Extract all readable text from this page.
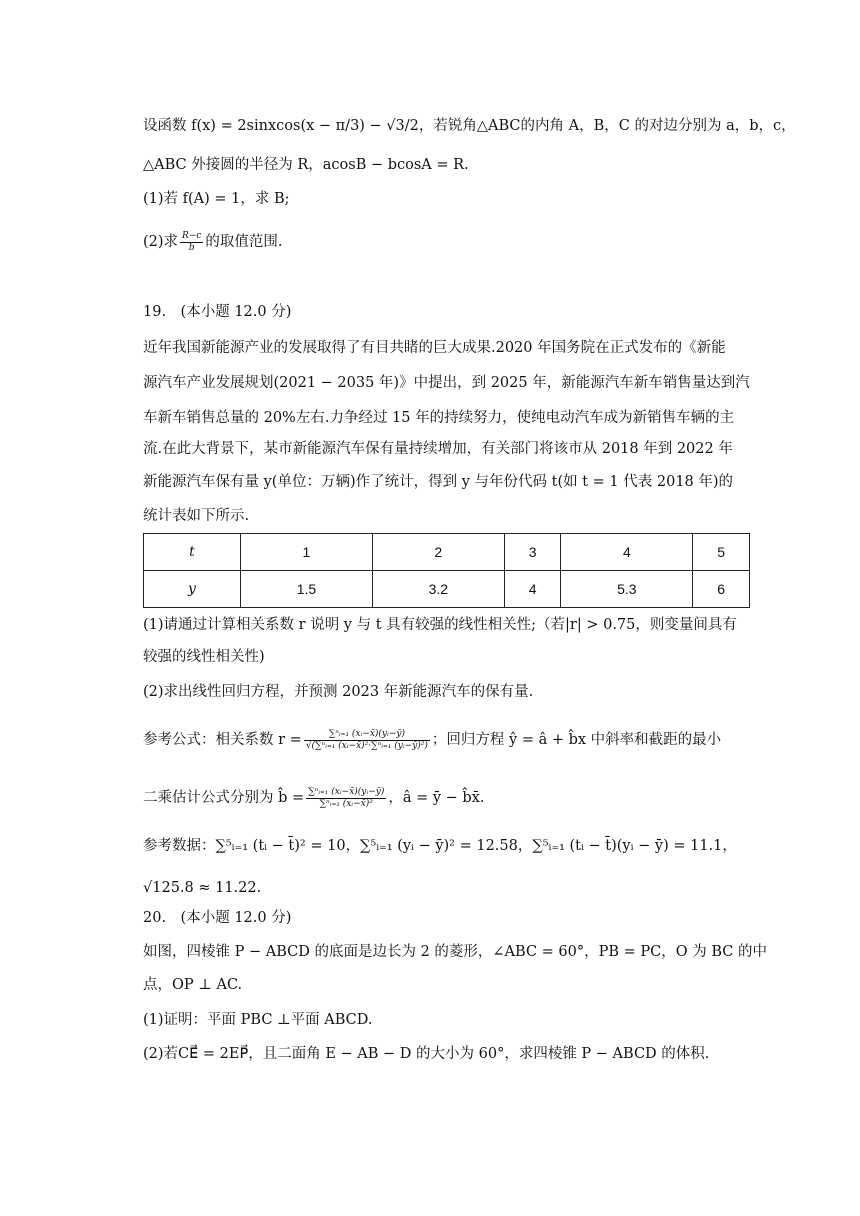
设函数 f(x) = 2sinxcos(x − π/3) − √3/2，若锐角△ABC的内角 A，B，C 的对边分别为 a，b，c，
△ABC 外接圆的半径为 R，acosB − bcosA = R.
(1)若 f(A) = 1，求 B;
(2)求 $\frac{R-c}{b}$ 的取值范围.
19.　(本小题 12.0 分)
近年我国新能源产业的发展取得了有目共睹的巨大成果.2020 年国务院在正式发布的《新能
源汽车产业发展规划(2021 − 2035 年)》中提出，到 2025 年，新能源汽车新车销售量达到汽
车新车销售总量的 20%左右.力争经过 15 年的持续努力，使纯电动汽车成为新销售车辆的主
流.在此大背景下，某市新能源汽车保有量持续增加，有关部门将该市从 2018 年到 2022 年
新能源汽车保有量 y(单位：万辆)作了统计，得到 y 与年份代码 t(如 t = 1 代表 2018 年)的
统计表如下所示.
t	1	2	3	4	5
y	1.5	3.2	4	5.3	6
(1)请通过计算相关系数 r 说明 y 与 t 具有较强的线性相关性;（若|r| > 0.75，则变量间具有
较强的线性相关性)
(2)求出线性回归方程，并预测 2023 年新能源汽车的保有量.
参考公式：相关系数 $r = \frac{\text{∑ⁿᵢ₌₁ (xᵢ−x̄)(yᵢ−ȳ)}}{\text{√(∑ⁿᵢ₌₁ (xᵢ−x̄)²·∑ⁿᵢ₌₁ (yᵢ−ȳ)²)}}$ ；回归方程 ŷ = â + b̂x 中斜率和截距的最小
二乘估计公式分别为 b̂ = $\frac{\text{∑ⁿᵢ₌₁ (xᵢ−x̄)(yᵢ−ȳ)}}{\text{∑ⁿᵢ₌₁ (xᵢ−x̄)²}}$ ，â = ȳ − b̂x̄.
参考数据：∑⁵ᵢ₌₁ (tᵢ − t̄)² = 10，∑⁵ᵢ₌₁ (yᵢ − ȳ)² = 12.58，∑⁵ᵢ₌₁ (tᵢ − t̄)(yᵢ − ȳ) = 11.1，
√125.8 ≈ 11.22.
20.　(本小题 12.0 分)
如图，四棱锥 P − ABCD 的底面是边长为 2 的菱形，∠ABC = 60°，PB = PC，O 为 BC 的中
点，OP ⊥ AC.
(1)证明：平面 PBC ⊥平面 ABCD.
(2)若CE⃗ = 2EP⃗，且二面角 E − AB − D 的大小为 60°，求四棱锥 P − ABCD 的体积.
